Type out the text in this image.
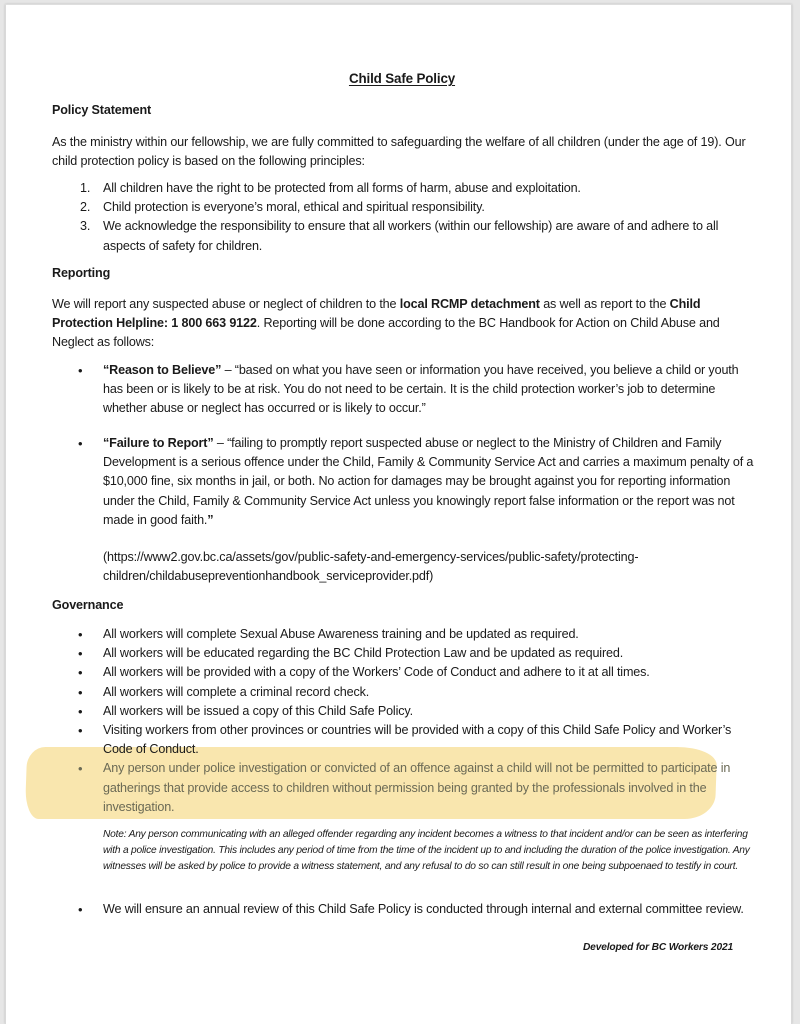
Child Safe Policy
Policy Statement
As the ministry within our fellowship, we are fully committed to safeguarding the welfare of all children (under the age of 19). Our child protection policy is based on the following principles:
1. All children have the right to be protected from all forms of harm, abuse and exploitation.
2. Child protection is everyone’s moral, ethical and spiritual responsibility.
3. We acknowledge the responsibility to ensure that all workers (within our fellowship) are aware of and adhere to all aspects of safety for children.
Reporting
We will report any suspected abuse or neglect of children to the local RCMP detachment as well as report to the Child Protection Helpline: 1 800 663 9122. Reporting will be done according to the BC Handbook for Action on Child Abuse and Neglect as follows:
• “Reason to Believe” – “based on what you have seen or information you have received, you believe a child or youth has been or is likely to be at risk. You do not need to be certain. It is the child protection worker’s job to determine whether abuse or neglect has occurred or is likely to occur.”
• “Failure to Report” – “failing to promptly report suspected abuse or neglect to the Ministry of Children and Family Development is a serious offence under the Child, Family & Community Service Act and carries a maximum penalty of a $10,000 fine, six months in jail, or both. No action for damages may be brought against you for reporting information under the Child, Family & Community Service Act unless you knowingly report false information or the report was not made in good faith.”
(https://www2.gov.bc.ca/assets/gov/public-safety-and-emergency-services/public-safety/protecting-children/childabusepreventionhandbook_serviceprovider.pdf)
Governance
• All workers will complete Sexual Abuse Awareness training and be updated as required.
• All workers will be educated regarding the BC Child Protection Law and be updated as required.
• All workers will be provided with a copy of the Workers’ Code of Conduct and adhere to it at all times.
• All workers will complete a criminal record check.
• All workers will be issued a copy of this Child Safe Policy.
• Visiting workers from other provinces or countries will be provided with a copy of this Child Safe Policy and Worker’s Code of Conduct.
• Any person under police investigation or convicted of an offence against a child will not be permitted to participate in gatherings that provide access to children without permission being granted by the professionals involved in the investigation.
Note: Any person communicating with an alleged offender regarding any incident becomes a witness to that incident and/or can be seen as interfering with a police investigation. This includes any period of time from the time of the incident up to and including the duration of the police investigation. Any witnesses will be asked by police to provide a witness statement, and any refusal to do so can still result in one being subpoenaed to testify in court.
• We will ensure an annual review of this Child Safe Policy is conducted through internal and external committee review.
Developed for BC Workers 2021
